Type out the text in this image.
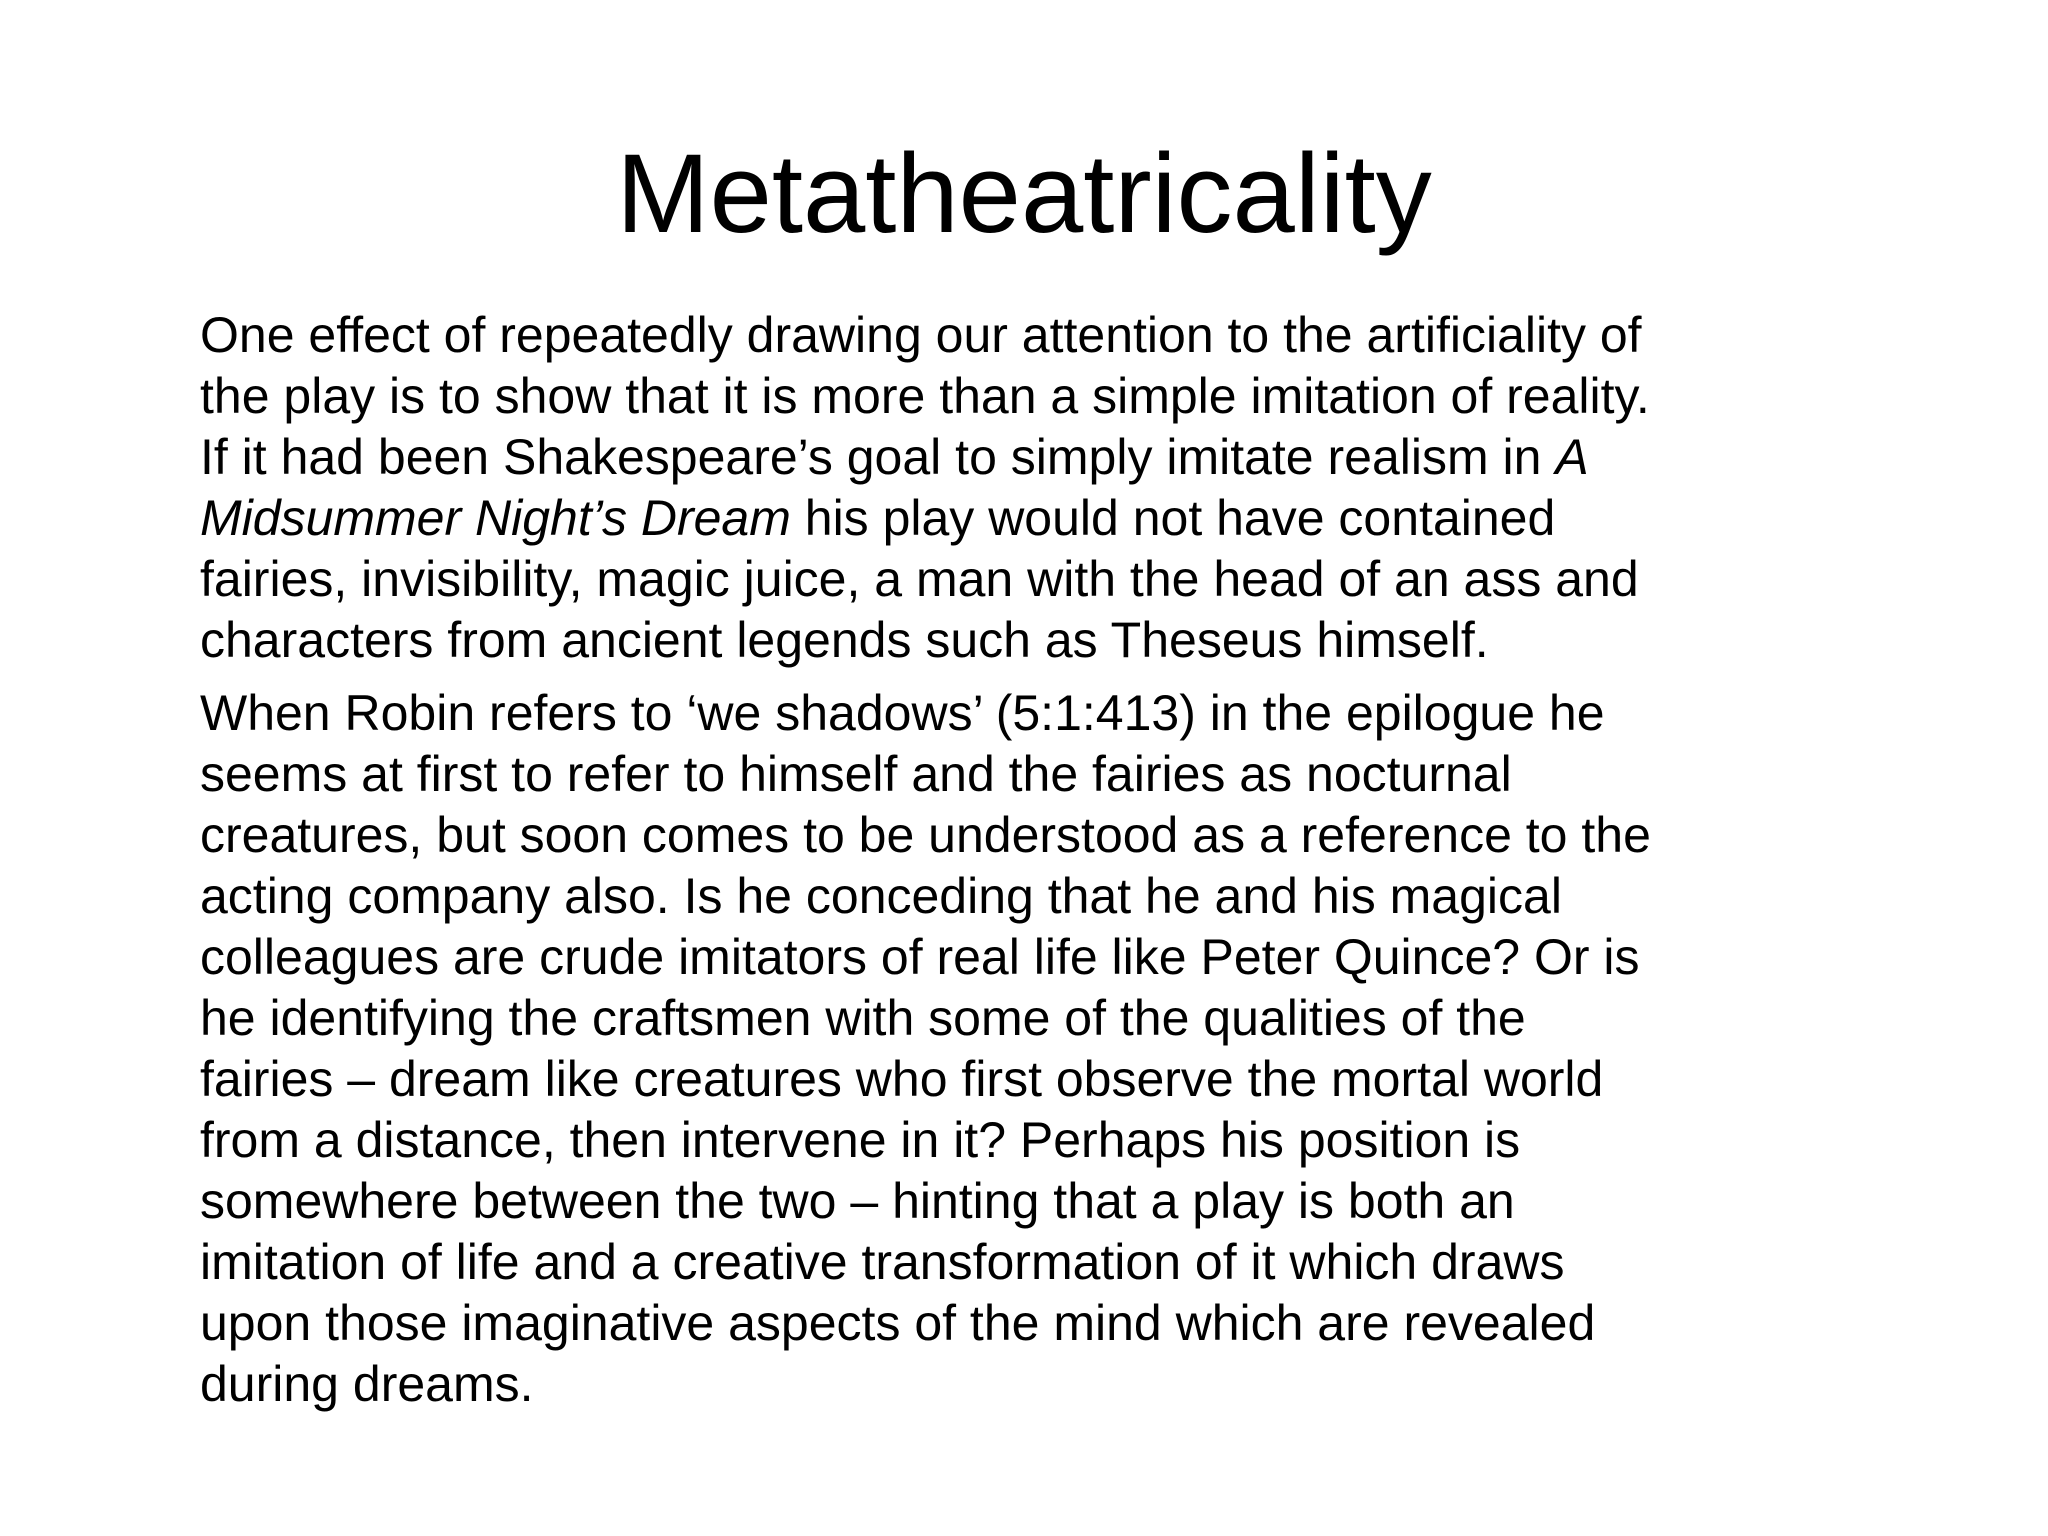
Metatheatricality

One effect of repeatedly drawing our attention to the artificiality of
the play is to show that it is more than a simple imitation of reality.
If it had been Shakespeare’s goal to simply imitate realism in A
Midsummer Night’s Dream his play would not have contained
fairies, invisibility, magic juice, a man with the head of an ass and
characters from ancient legends such as Theseus himself.

When Robin refers to ‘we shadows’ (5:1:413) in the epilogue he
seems at first to refer to himself and the fairies as nocturnal
creatures, but soon comes to be understood as a reference to the
acting company also. Is he conceding that he and his magical
colleagues are crude imitators of real life like Peter Quince? Or is
he identifying the craftsmen with some of the qualities of the
fairies – dream like creatures who first observe the mortal world
from a distance, then intervene in it? Perhaps his position is
somewhere between the two – hinting that a play is both an
imitation of life and a creative transformation of it which draws
upon those imaginative aspects of the mind which are revealed
during dreams.
